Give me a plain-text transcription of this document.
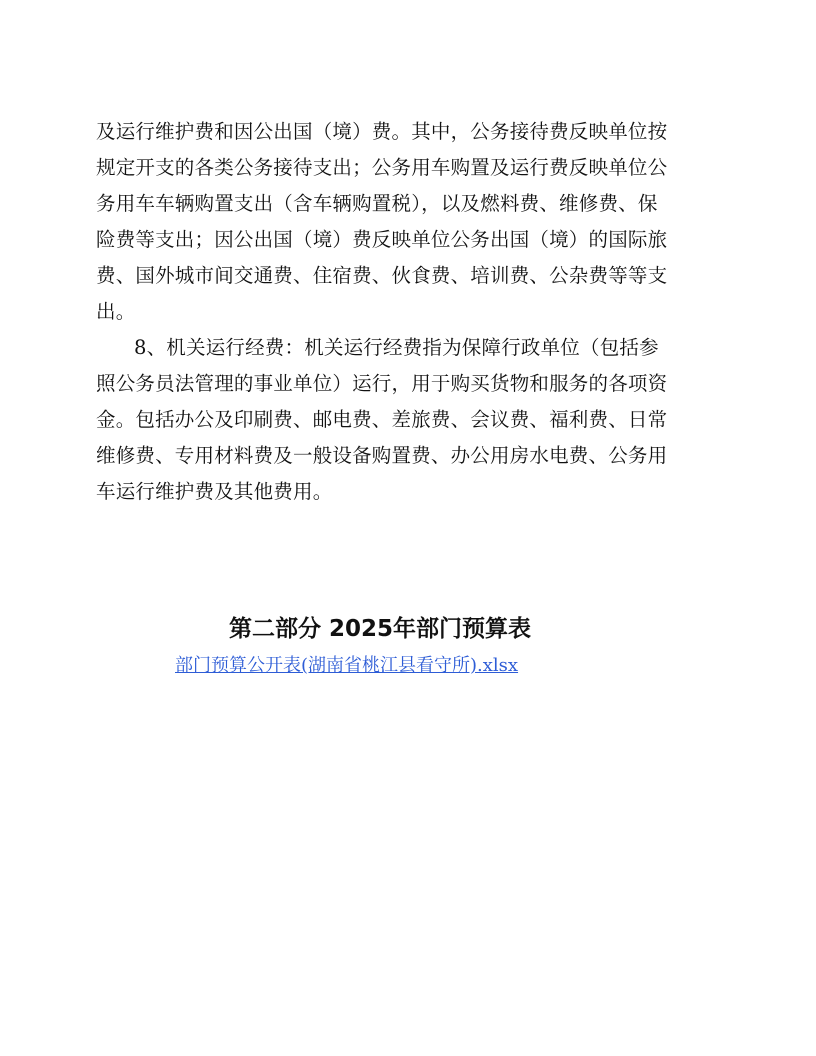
及运行维护费和因公出国（境）费。其中，公务接待费反映单位按
规定开支的各类公务接待支出；公务用车购置及运行费反映单位公
务用车车辆购置支出（含车辆购置税），以及燃料费、维修费、保
险费等支出；因公出国（境）费反映单位公务出国（境）的国际旅
费、国外城市间交通费、住宿费、伙食费、培训费、公杂费等等支
出。
8、机关运行经费：机关运行经费指为保障行政单位（包括参
照公务员法管理的事业单位）运行，用于购买货物和服务的各项资
金。包括办公及印刷费、邮电费、差旅费、会议费、福利费、日常
维修费、专用材料费及一般设备购置费、办公用房水电费、公务用
车运行维护费及其他费用。
第二部分 2025年部门预算表
部门预算公开表(湖南省桃江县看守所).xlsx
